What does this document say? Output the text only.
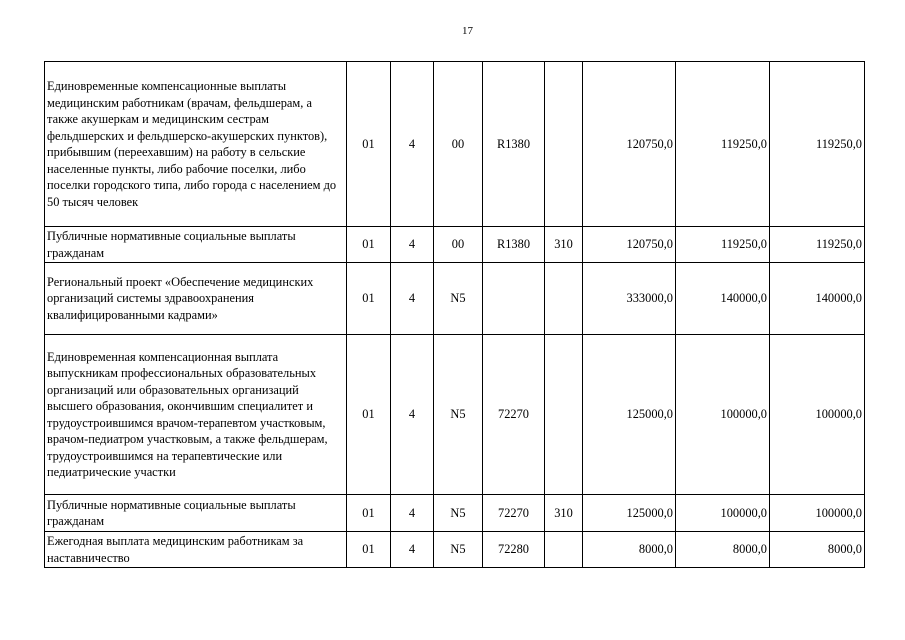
17
Единовременные компенсационные выплаты медицинским работникам (врачам, фельдшерам, а также акушеркам и медицинским сестрам фельдшерских и фельдшерско-акушерских пунктов), прибывшим (переехавшим) на работу в сельские населенные пункты, либо рабочие поселки, либо поселки городского типа, либо города с населением до 50 тысяч человек	01	4	00	R1380		120750,0	119250,0	119250,0
Публичные нормативные социальные выплаты гражданам	01	4	00	R1380	310	120750,0	119250,0	119250,0
Региональный проект «Обеспечение медицинских организаций системы здравоохранения квалифицированными кадрами»	01	4	N5			333000,0	140000,0	140000,0
Единовременная компенсационная выплата выпускникам профессиональных образовательных организаций или образовательных организаций высшего образования, окончившим специалитет и трудоустроившимся врачом-терапевтом участковым, врачом-педиатром участковым, а также фельдшерам, трудоустроившимся на терапевтические или педиатрические участки	01	4	N5	72270		125000,0	100000,0	100000,0
Публичные нормативные социальные выплаты гражданам	01	4	N5	72270	310	125000,0	100000,0	100000,0
Ежегодная выплата медицинским работникам за наставничество	01	4	N5	72280		8000,0	8000,0	8000,0
